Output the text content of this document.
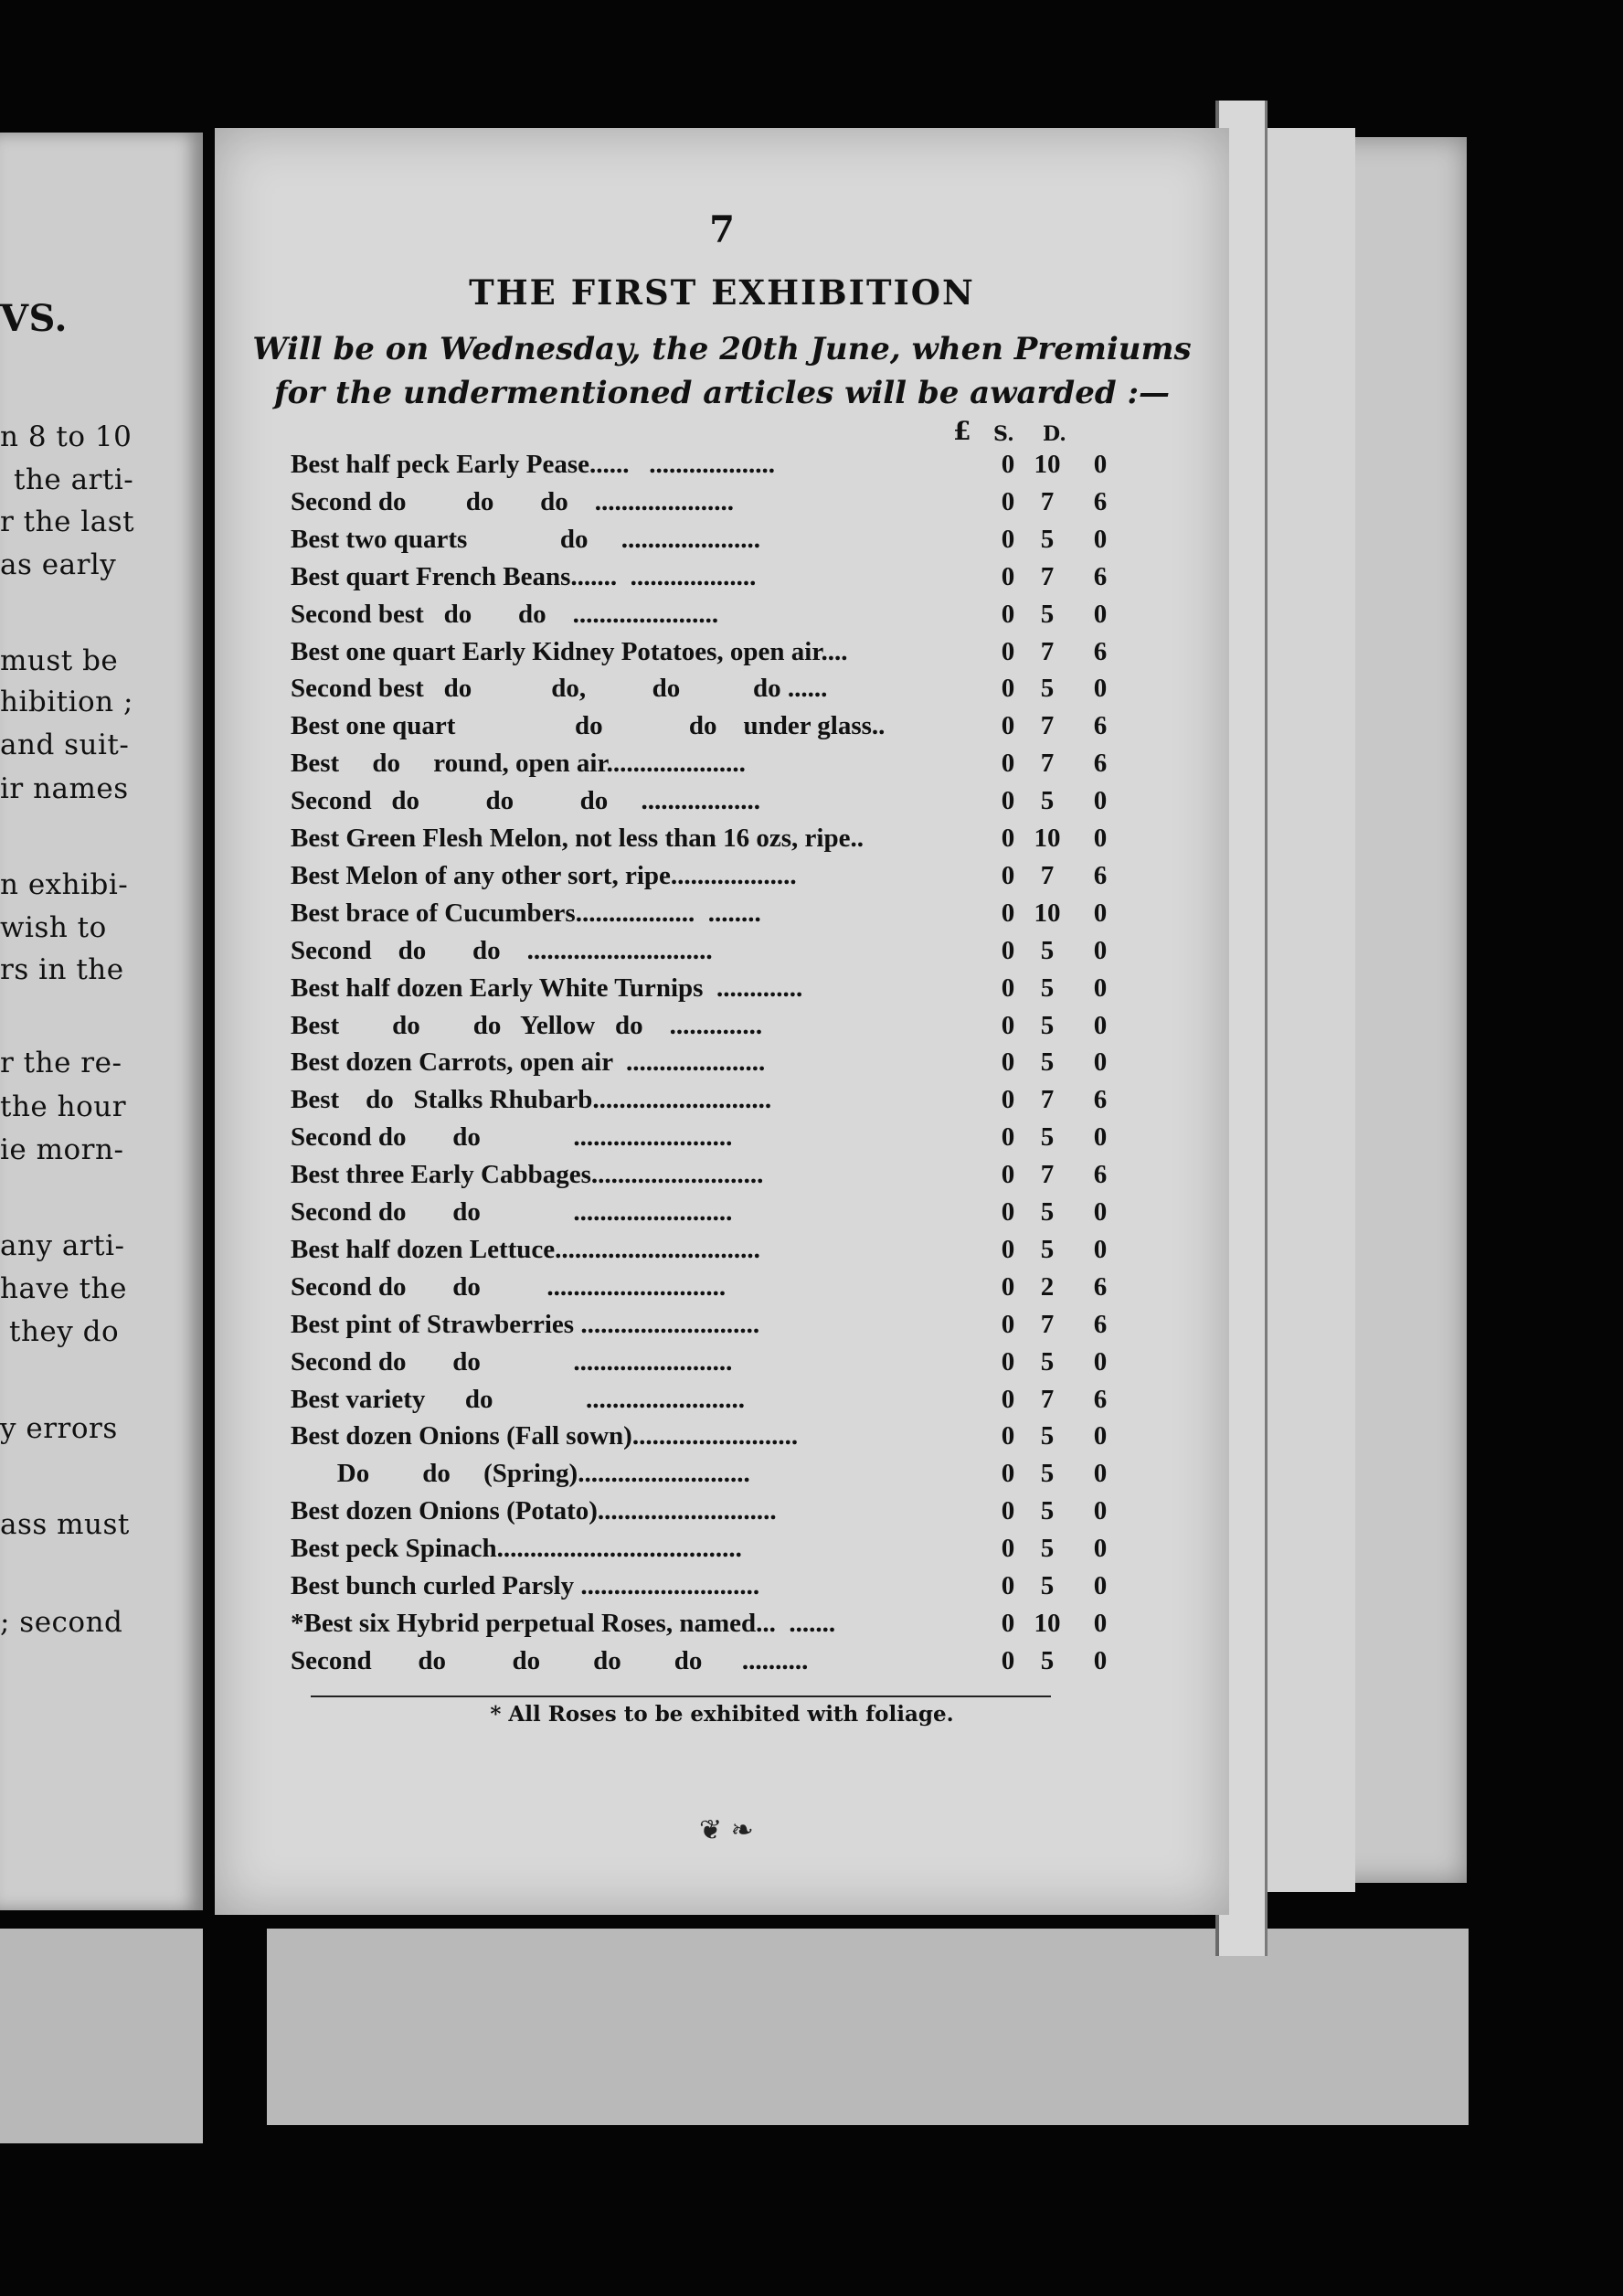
VS.
n 8 to 10
the arti-
r the last
as early
must be
hibition ;
and suit-
ir names
n exhibi-
wish to
rs in the
r the re-
the hour
ie morn-
any arti-
have the
they do
y errors
ass must
; second
7
THE FIRST EXHIBITION
Will be on Wednesday, the 20th June, when Premiums
for the undermentioned articles will be awarded :—
£ S. D.
Best half peck Early Pease......   ...................	0 10	0
Second do         do       do    .....................	0 7	6
Best two quarts              do     .....................	0 5	0
Best quart French Beans.......  ...................	0 7	6
Second best   do       do    ......................	0 5	0
Best one quart Early Kidney Potatoes, open air....	0 7	6
Second best   do            do,          do           do ......	0 5	0
Best one quart                  do             do    under glass..	0 7	6
Best     do     round, open air.....................	0 7	6
Second   do          do          do     ..................	0 5	0
Best Green Flesh Melon, not less than 16 ozs, ripe..	0 10	0
Best Melon of any other sort, ripe...................	0 7	6
Best brace of Cucumbers..................  ........	0 10	0
Second    do       do    ............................	0 5	0
Best half dozen Early White Turnips  .............	0 5	0
Best        do        do   Yellow   do    ..............	0 5	0
Best dozen Carrots, open air  .....................	0 5	0
Best    do   Stalks Rhubarb...........................	0 7	6
Second do       do              ........................	0 5	0
Best three Early Cabbages..........................	0 7	6
Second do       do              ........................	0 5	0
Best half dozen Lettuce...............................	0 5	0
Second do       do          ...........................	0 2	6
Best pint of Strawberries ...........................	0 7	6
Second do       do              ........................	0 5	0
Best variety      do              ........................	0 7	6
Best dozen Onions (Fall sown).........................	0 5	0
Do        do     (Spring)..........................	0 5	0
Best dozen Onions (Potato)...........................	0 5	0
Best peck Spinach.....................................	0 5	0
Best bunch curled Parsly ...........................	0 5	0
*Best six Hybrid perpetual Roses, named...  .......	0 10	0
Second       do          do        do        do      ..........	0 5	0
* All Roses to be exhibited with foliage.
❦ ❧
